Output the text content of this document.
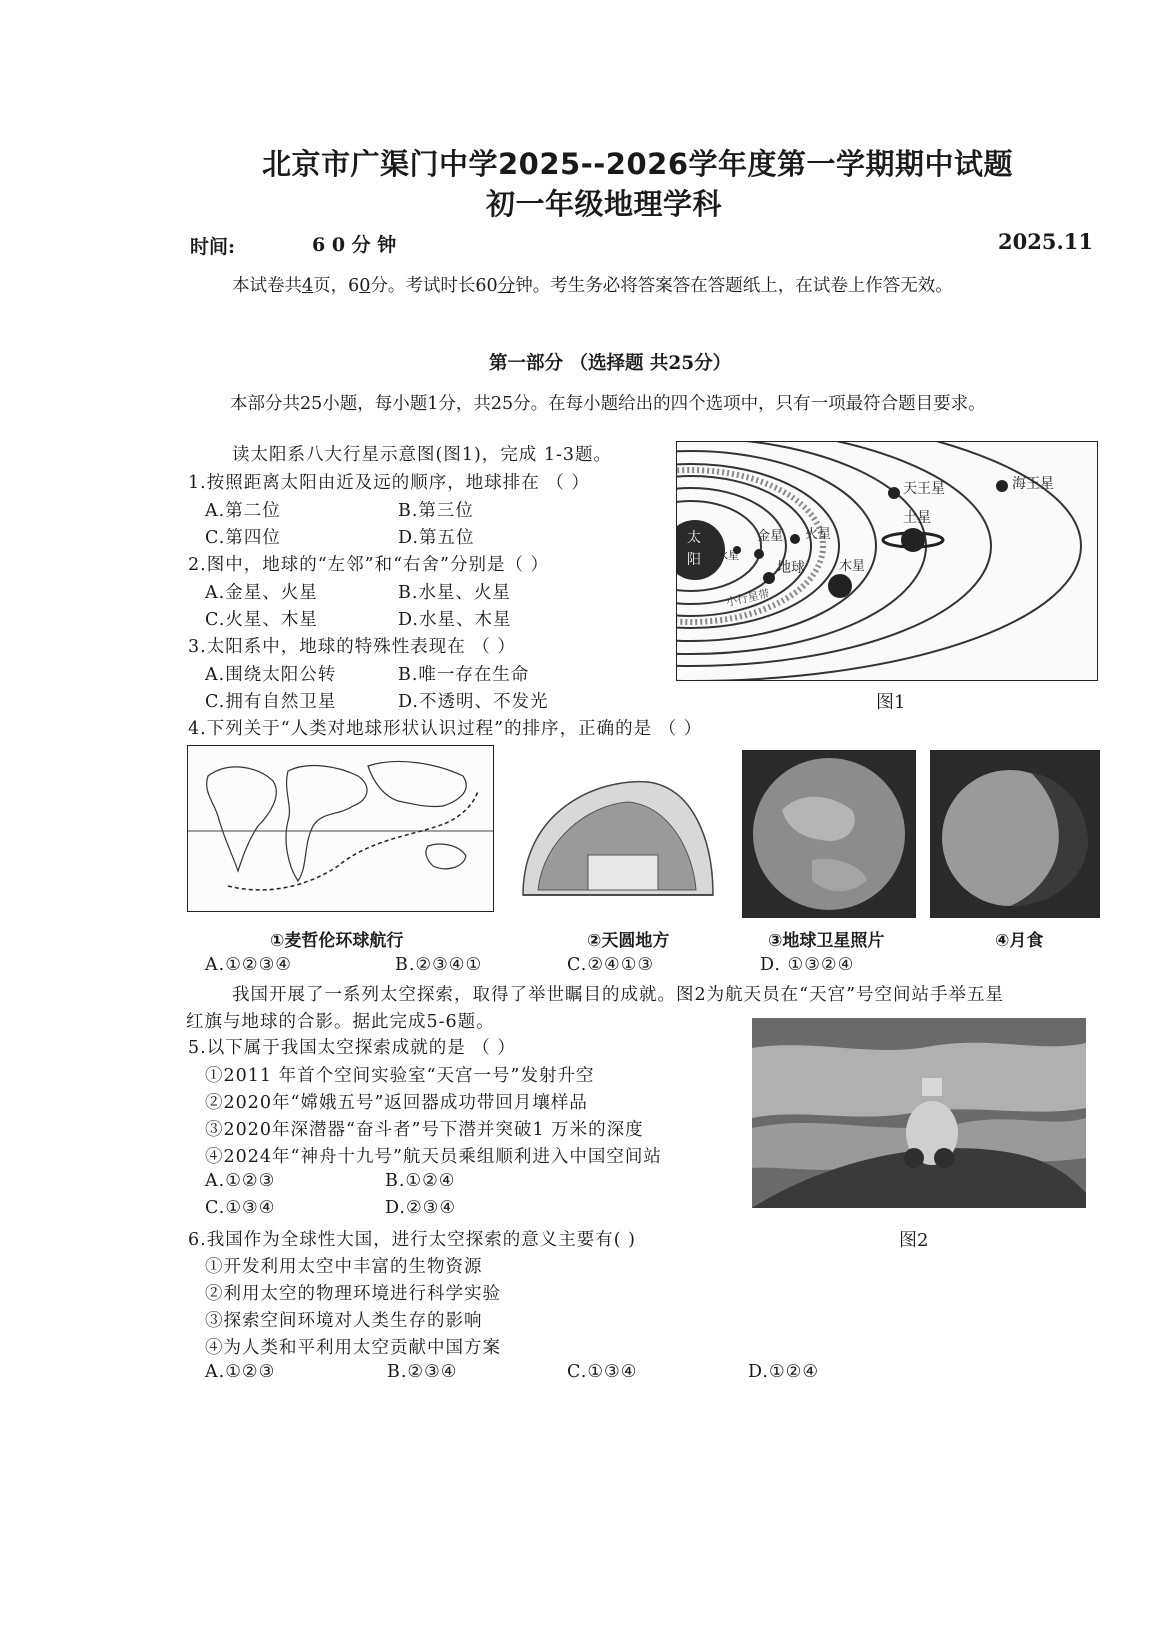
北京市广渠门中学2025--2026学年度第一学期期中试题
初一年级地理学科
时间:	6 0 分 钟	2025.11
本试卷共4页，60分。考试时长60分钟。考生务必将答案答在答题纸上，在试卷上作答无效。
第一部分 （选择题 共25分）
本部分共25小题，每小题1分，共25分。在每小题给出的四个选项中，只有一项最符合题目要求。
读太阳系八大行星示意图(图1)，完成 1-3题。
1.按照距离太阳由近及远的顺序，地球排在 （ ）
A.第二位	B.第三位
C.第四位	D.第五位
2.图中，地球的“左邻”和“右舍”分别是（ ）
A.金星、火星	B.水星、火星
C.火星、木星	D.水星、木星
3.太阳系中，地球的特殊性表现在 （ ）
A.围绕太阳公转	B.唯一存在生命
C.拥有自然卫星	D.不透明、不发光
太
阳 水星
金星
地球
火星
木星
土星
天王星	海王星
小行星带
图1
4.下列关于“人类对地球形状认识过程”的排序，正确的是 （ ）
①麦哲伦环球航行	②天圆地方	③地球卫星照片	④月食
A.①②③④	B.②③④①	C.②④①③	D. ①③②④
我国开展了一系列太空探索，取得了举世瞩目的成就。图2为航天员在“天宫”号空间站手举五星
红旗与地球的合影。据此完成5-6题。
5.以下属于我国太空探索成就的是 （ ）
①2011 年首个空间实验室“天宫一号”发射升空
②2020年“嫦娥五号”返回器成功带回月壤样品
③2020年深潜器“奋斗者”号下潜并突破1 万米的深度
④2024年“神舟十九号”航天员乘组顺利进入中国空间站
A.①②③	B.①②④
C.①③④	D.②③④
图2
6.我国作为全球性大国，进行太空探索的意义主要有( )
①开发利用太空中丰富的生物资源
②利用太空的物理环境进行科学实验
③探索空间环境对人类生存的影响
④为人类和平利用太空贡献中国方案
A.①②③	B.②③④	C.①③④	D.①②④
